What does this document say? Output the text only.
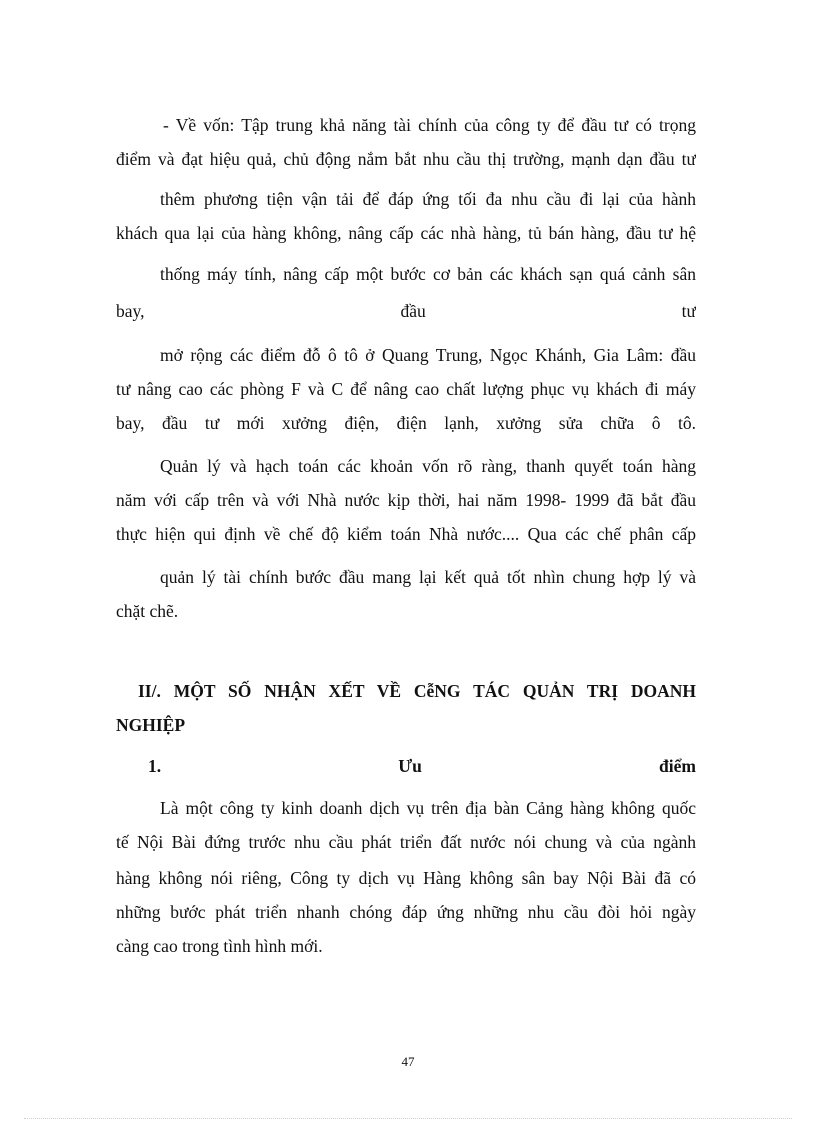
- Về vốn: Tập trung khả năng tài chính của công ty để đầu tư có trọng
điểm và đạt hiệu quả, chủ động nắm bắt nhu cầu thị trường, mạnh dạn đầu tư
thêm phương tiện vận tải để đáp ứng tối đa nhu cầu đi lại của hành
khách qua lại của hàng không, nâng cấp các nhà hàng, tủ bán hàng, đầu tư hệ
thống máy tính, nâng cấp một bước cơ bản các khách sạn quá cảnh sân
bay,	đầu	tư
mở rộng các điểm đỗ ô tô ở Quang Trung, Ngọc Khánh, Gia Lâm: đầu
tư nâng cao các phòng F và C để nâng cao chất lượng phục vụ khách đi máy
bay, đầu tư mới xưởng điện, điện lạnh, xưởng sửa chữa ô tô.
Quản lý và hạch toán các khoản vốn rõ ràng, thanh quyết toán hàng
năm với cấp trên và với Nhà nước kịp thời, hai năm 1998- 1999 đã bắt đầu
thực hiện qui định về chế độ kiểm toán Nhà nước.... Qua các chế phân cấp
quản lý tài chính bước đầu mang lại kết quả tốt nhìn chung hợp lý và
chặt chẽ.
II/. MỘT SỐ NHẬN XẾT VỀ CễNG TÁC QUẢN TRỊ DOANH
NGHIỆP
1.	Ưu	điểm
Là một công ty kinh doanh dịch vụ trên địa bàn Cảng hàng không quốc
tế Nội Bài đứng trước nhu cầu phát triển đất nước nói chung và của ngành
hàng không nói riêng, Công ty dịch vụ Hàng không sân bay Nội Bài đã có
những bước phát triển nhanh chóng đáp ứng những nhu cầu đòi hỏi ngày
càng cao trong tình hình mới.
47
